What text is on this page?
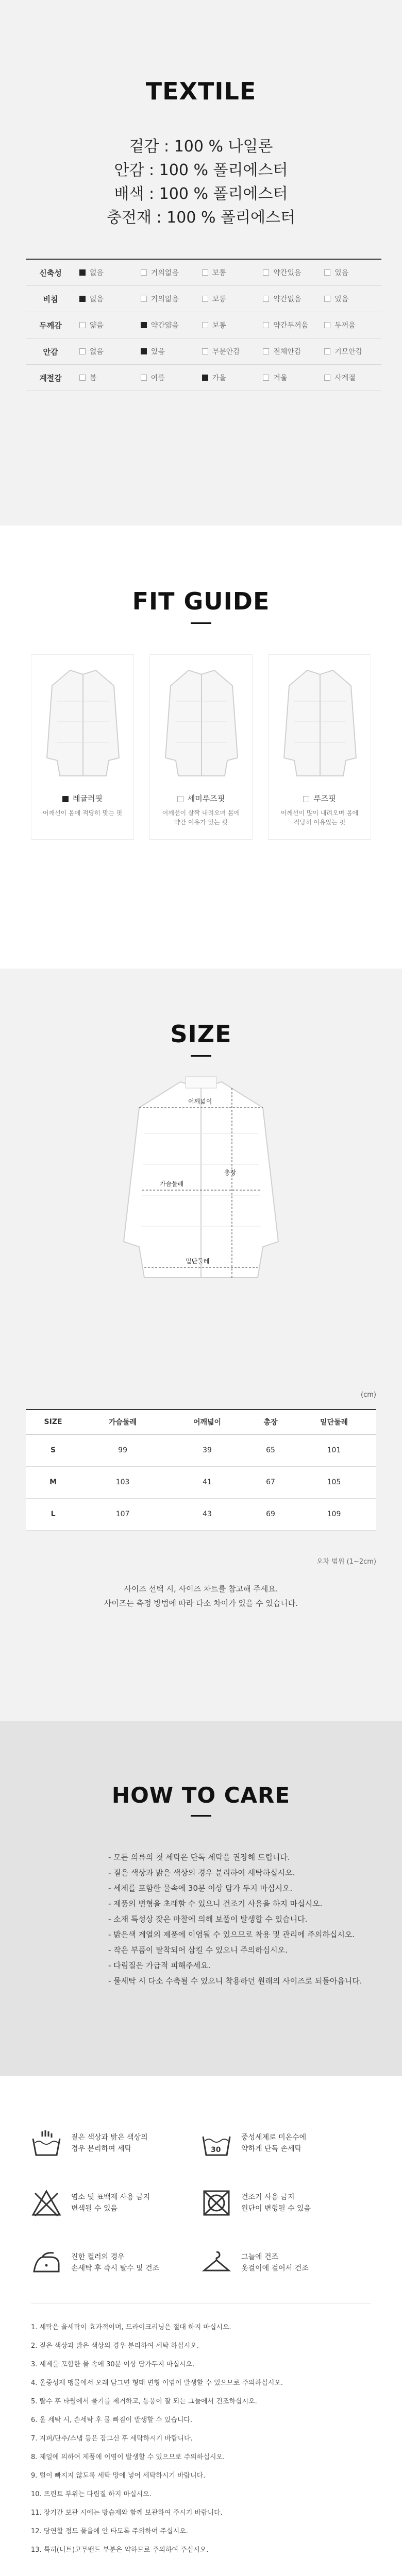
TEXTILE
겉감 : 100 % 나일론
안감 : 100 % 폴리에스터
배색 : 100 % 폴리에스터
충전재 : 100 % 폴리에스터
신축성	없음	거의없음	보통	약간있음	있음
비침	없음	거의없음	보통	약간없음	있음
두께감	얇음	약간얇음	보통	약간두꺼움	두꺼움
안감	없음	있음	부분안감	전체안감	기모안감
계절감	봄	여름	가을	겨울	사계절
FIT GUIDE
레귤러핏
어깨선이 몸에 적당히 맞는 핏
세미루즈핏
어깨선이 살짝 내려오며 몸에 약간 여유가 있는 핏
루즈핏
어깨선이 많이 내려오며 몸에 적당히 여유있는 핏
SIZE
어깨넓이
총장
가슴둘레
밑단둘레
(cm)
SIZE	가슴둘레	어깨넓이	총장	밑단둘레
S	99	39	65	101
M	103	41	67	105
L	107	43	69	109
오차 범위 (1~2cm)
사이즈 선택 시, 사이즈 차트를 참고해 주세요.
사이즈는 측정 방법에 따라 다소 차이가 있을 수 있습니다.
HOW TO CARE
- 모든 의류의 첫 세탁은 단독 세탁을 권장해 드립니다.
- 짙은 색상과 밝은 색상의 경우 분리하여 세탁하십시오.
- 세제를 포함한 물속에 30분 이상 담가 두지 마십시오.
- 제품의 변형을 초래할 수 있으니 건조기 사용을 하지 마십시오.
- 소재 특성상 잦은 마찰에 의해 보풀이 발생할 수 있습니다.
- 밝은색 계열의 제품에 이염될 수 있으므로 착용 및 관리에 주의하십시오.
- 작은 부품이 탈착되어 삼킬 수 있으니 주의하십시오.
- 다림질은 가급적 피해주세요.
- 물세탁 시 다소 수축될 수 있으니 착용하던 원래의 사이즈로 되돌아옵니다.
짙은 색상과 밝은 색상의
경우 분리하여 세탁	30
중성세제로 미온수에
약하게 단독 손세탁
염소 및 표백제 사용 금지
변색될 수 있음
건조기 사용 금지
원단이 변형될 수 있음
진한 컬러의 경우
손세탁 후 즉시 탈수 및 건조
그늘에 건조
옷걸이에 걸어서 건조
1. 세탁은 울세탁이 효과적이며, 드라이크리닝은 절대 하지 마십시오.
2. 짙은 색상과 밝은 색상의 경우 분리하여 세탁 하십시오.
3. 세제를 포함한 물 속에 30분 이상 담가두지 마십시오.
4. 울중성제 맹물에서 오래 담그면 형태 변형 이염이 발생할 수 있으므로 주의하십시오.
5. 탈수 후 타월에서 물기를 제거하고, 통풍이 잘 되는 그늘에서 건조하십시오.
6. 울 세탁 시, 손세탁 후 물 빠짐이 발생할 수 있습니다.
7. 지퍼/단추/스냅 등은 잠그신 후 세탁하시기 바랍니다.
8. 제일에 의하여 제품에 이염이 발생할 수 있으므로 주의하십시오.
9. 털이 빠지지 않도록 세탁 망에 넣어 세탁하시기 바랍니다.
10. 프린트 부위는 다림질 하지 마십시오.
11. 장기간 보관 시에는 방습제와 함께 보관하여 주시기 바랍니다.
12. 당연할 정도 물을에 안 타도록 주의하여 주십시오.
13. 특히(니트)고무밴드 부분은 약하므로 주의하여 주십시오.
